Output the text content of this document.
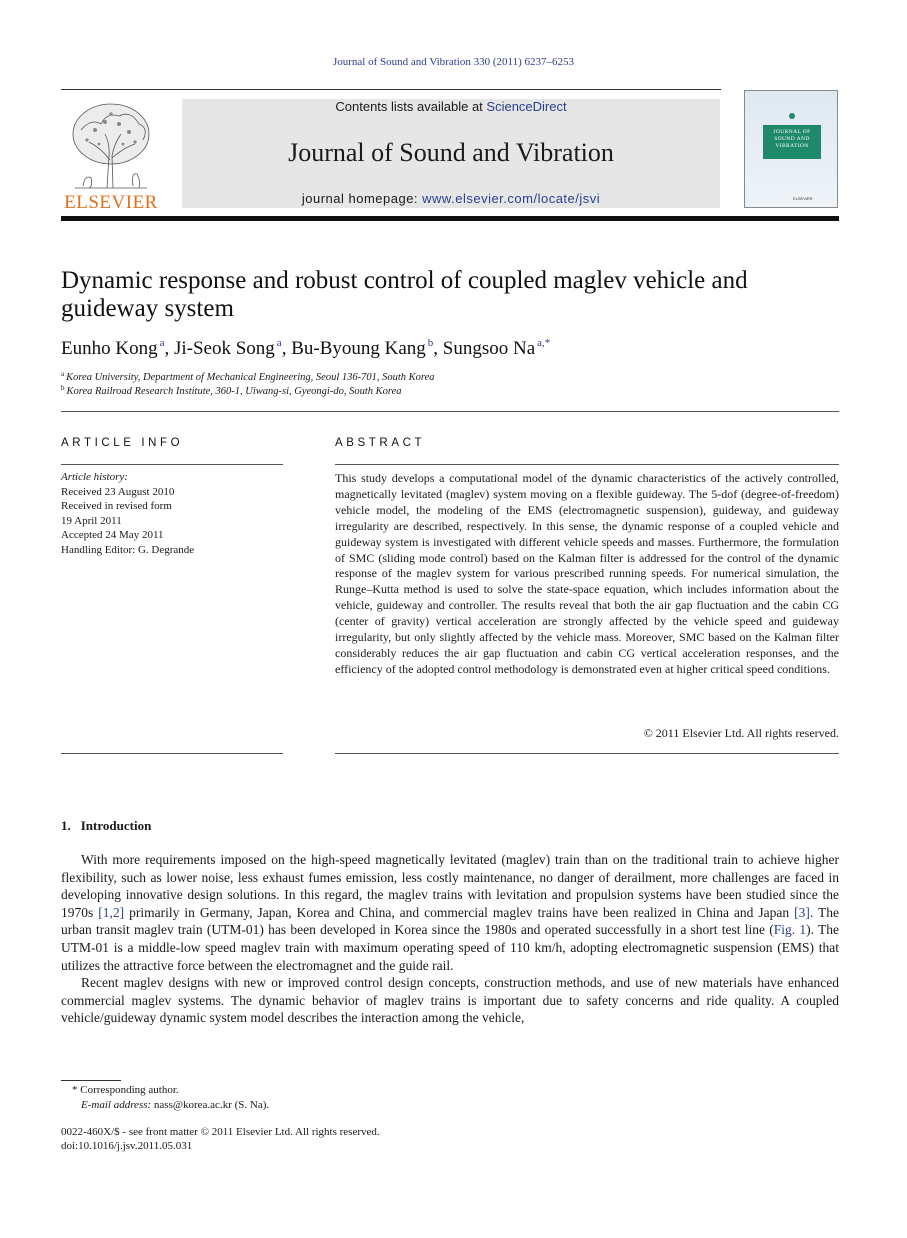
Journal of Sound and Vibration 330 (2011) 6237–6253
ELSEVIER
Contents lists available at ScienceDirect
Journal of Sound and Vibration
journal homepage: www.elsevier.com/locate/jsvi
JOURNAL OF
SOUND AND
VIBRATION
ELSEVIER
Dynamic response and robust control of coupled maglev vehicle and guideway system
Eunho Kong $^a$, Ji-Seok Song $^a$, Bu-Byoung Kang $^b$, Sungsoo Na $^{a,*}$
$^a$ Korea University, Department of Mechanical Engineering, Seoul 136-701, South Korea
$^b$ Korea Railroad Research Institute, 360-1, Uiwang-si, Gyeongi-do, South Korea
ARTICLE INFO
Article history:
Received 23 August 2010
Received in revised form
19 April 2011
Accepted 24 May 2011
Handling Editor: G. Degrande
ABSTRACT
This study develops a computational model of the dynamic characteristics of the actively controlled, magnetically levitated (maglev) system moving on a flexible guideway. The 5-dof (degree-of-freedom) vehicle model, the modeling of the EMS (electromagnetic suspension), guideway, and guideway irregularity are described, respectively. In this sense, the dynamic response of a coupled vehicle and guideway system is investigated with different vehicle speeds and masses. Furthermore, the formulation of SMC (sliding mode control) based on the Kalman filter is addressed for the control of the dynamic response of the maglev system for various prescribed running speeds. For numerical simulation, the Runge–Kutta method is used to solve the state-space equation, which includes information about the vehicle, guideway and controller. The results reveal that both the air gap fluctuation and the cabin CG (center of gravity) vertical acceleration are strongly affected by the vehicle speed and guideway irregularity, but only slightly affected by the vehicle mass. Moreover, SMC based on the Kalman filter considerably reduces the air gap fluctuation and cabin CG vertical acceleration responses, and the efficiency of the adopted control methodology is demonstrated even at higher critical speed conditions.
© 2011 Elsevier Ltd. All rights reserved.
1. Introduction

With more requirements imposed on the high-speed magnetically levitated (maglev) train than on the traditional train to achieve higher flexibility, such as lower noise, less exhaust fumes emission, less costly maintenance, no danger of derailment, more challenges are faced in developing innovative design solutions. In this regard, the maglev trains with levitation and propulsion systems have been studied since the 1970s [1,2] primarily in Germany, Japan, Korea and China, and commercial maglev trains have been realized in China and Japan [3]. The urban transit maglev train (UTM-01) has been developed in Korea since the 1980s and operated successfully in a short test line (Fig. 1). The UTM-01 is a middle-low speed maglev train with maximum operating speed of 110 km/h, adopting electromagnetic suspension (EMS) that utilizes the attractive force between the electromagnet and the guide rail.

Recent maglev designs with new or improved control design concepts, construction methods, and use of new materials have enhanced commercial maglev systems. The dynamic behavior of maglev trains is important due to safety concerns and ride quality. A coupled vehicle/guideway dynamic system model describes the interaction among the vehicle,

* Corresponding author.
E-mail address: nass@korea.ac.kr (S. Na).
0022-460X/$ - see front matter © 2011 Elsevier Ltd. All rights reserved.
doi:10.1016/j.jsv.2011.05.031
